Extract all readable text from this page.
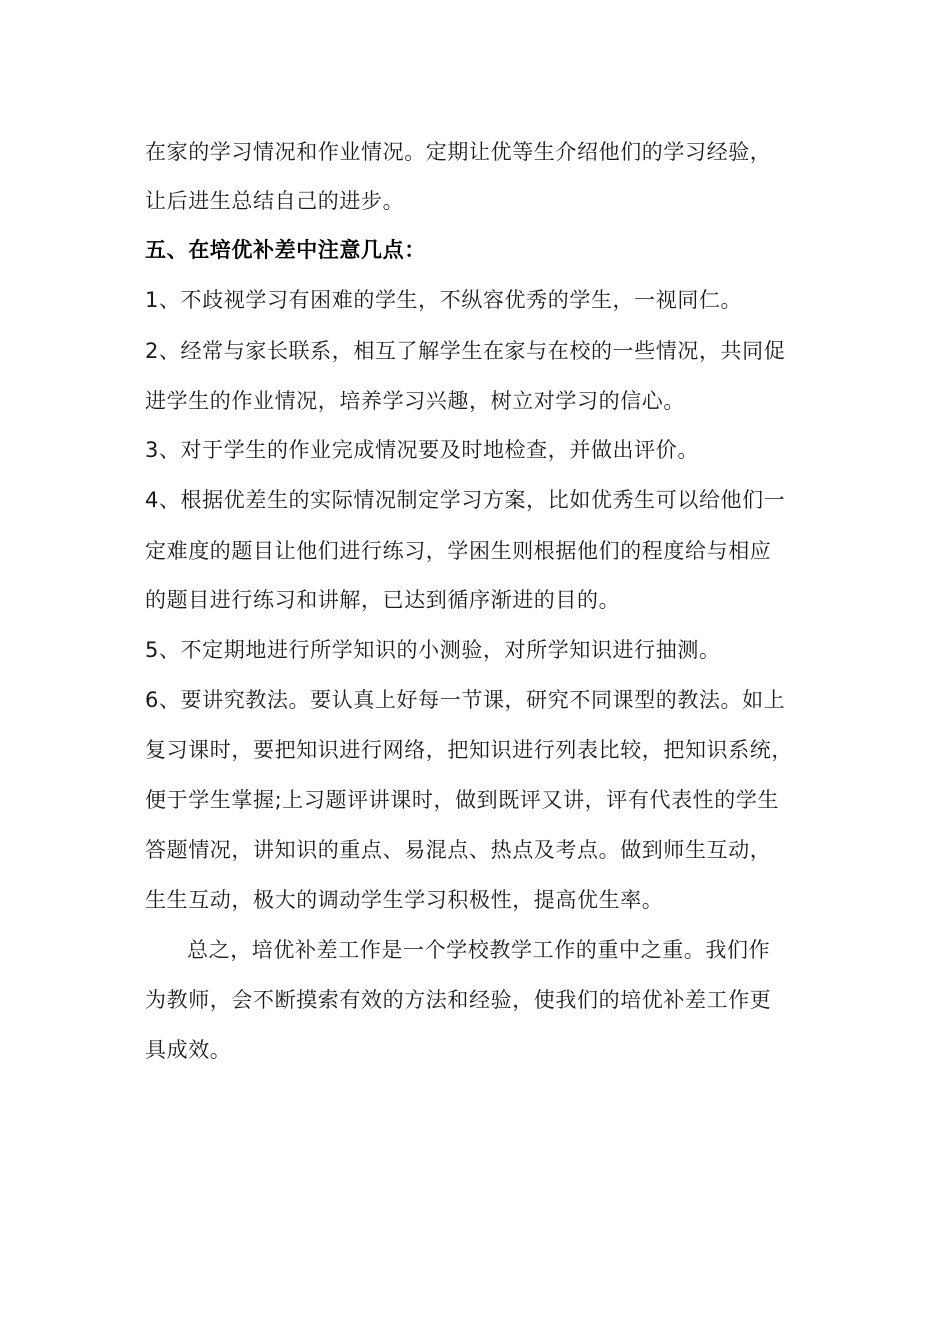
在家的学习情况和作业情况。定期让优等生介绍他们的学习经验，
让后进生总结自己的进步。
五、在培优补差中注意几点：
1、不歧视学习有困难的学生，不纵容优秀的学生，一视同仁。
2、经常与家长联系，相互了解学生在家与在校的一些情况，共同促
进学生的作业情况，培养学习兴趣，树立对学习的信心。
3、对于学生的作业完成情况要及时地检查，并做出评价。
4、根据优差生的实际情况制定学习方案，比如优秀生可以给他们一
定难度的题目让他们进行练习，学困生则根据他们的程度给与相应
的题目进行练习和讲解，已达到循序渐进的目的。
5、不定期地进行所学知识的小测验，对所学知识进行抽测。
6、要讲究教法。要认真上好每一节课，研究不同课型的教法。如上
复习课时，要把知识进行网络，把知识进行列表比较，把知识系统，
便于学生掌握;上习题评讲课时，做到既评又讲，评有代表性的学生
答题情况，讲知识的重点、易混点、热点及考点。做到师生互动，
生生互动，极大的调动学生学习积极性，提高优生率。
总之，培优补差工作是一个学校教学工作的重中之重。我们作
为教师，会不断摸索有效的方法和经验，使我们的培优补差工作更
具成效。
